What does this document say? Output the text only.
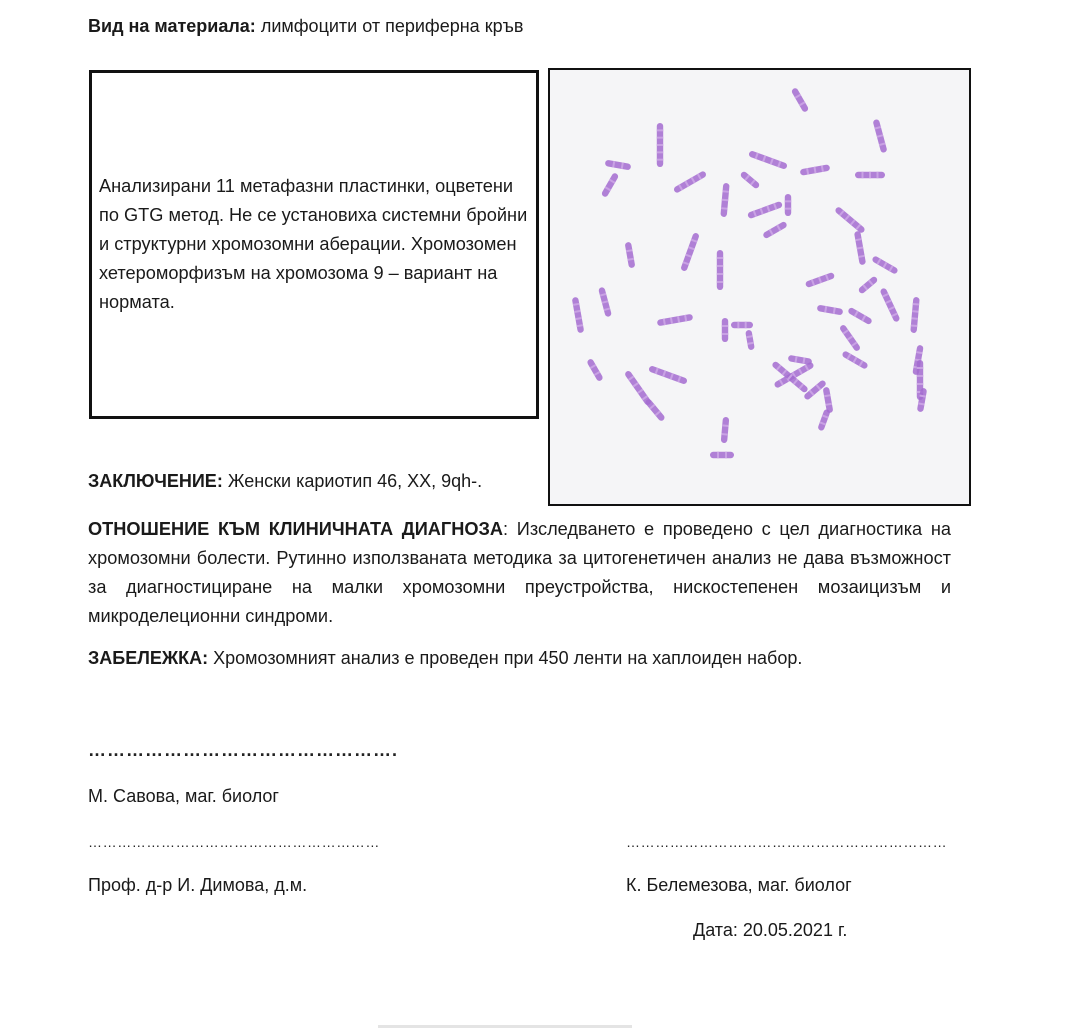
Вид на материала: лимфоцити от периферна кръв
Анализирани 11 метафазни пластинки, оцветени по GTG метод. Не се установиха системни бройни и структурни хромозомни аберации. Хромозомен хетероморфизъм на хромозома 9 – вариант на нормата.
ЗАКЛЮЧЕНИЕ: Женски кариотип 46, XX, 9qh-.
ОТНОШЕНИЕ КЪМ КЛИНИЧНАТА ДИАГНОЗА: Изследването е проведено с цел диагностика на хромозомни болести. Рутинно използваната методика за цитогенетичен анализ не дава възможност за диагностициране на малки хромозомни преустройства, нискостепенен мозаицизъм и микроделеционни синдроми.
ЗАБЕЛЕЖКА: Хромозомният анализ е проведен при 450 ленти на хаплоиден набор.
………………………………………….
М. Савова, маг. биолог
……………………………………………………
Проф. д-р И. Димова, д.м.
…………………………………………………………
К. Белемезова, маг. биолог
Дата: 20.05.2021 г.
